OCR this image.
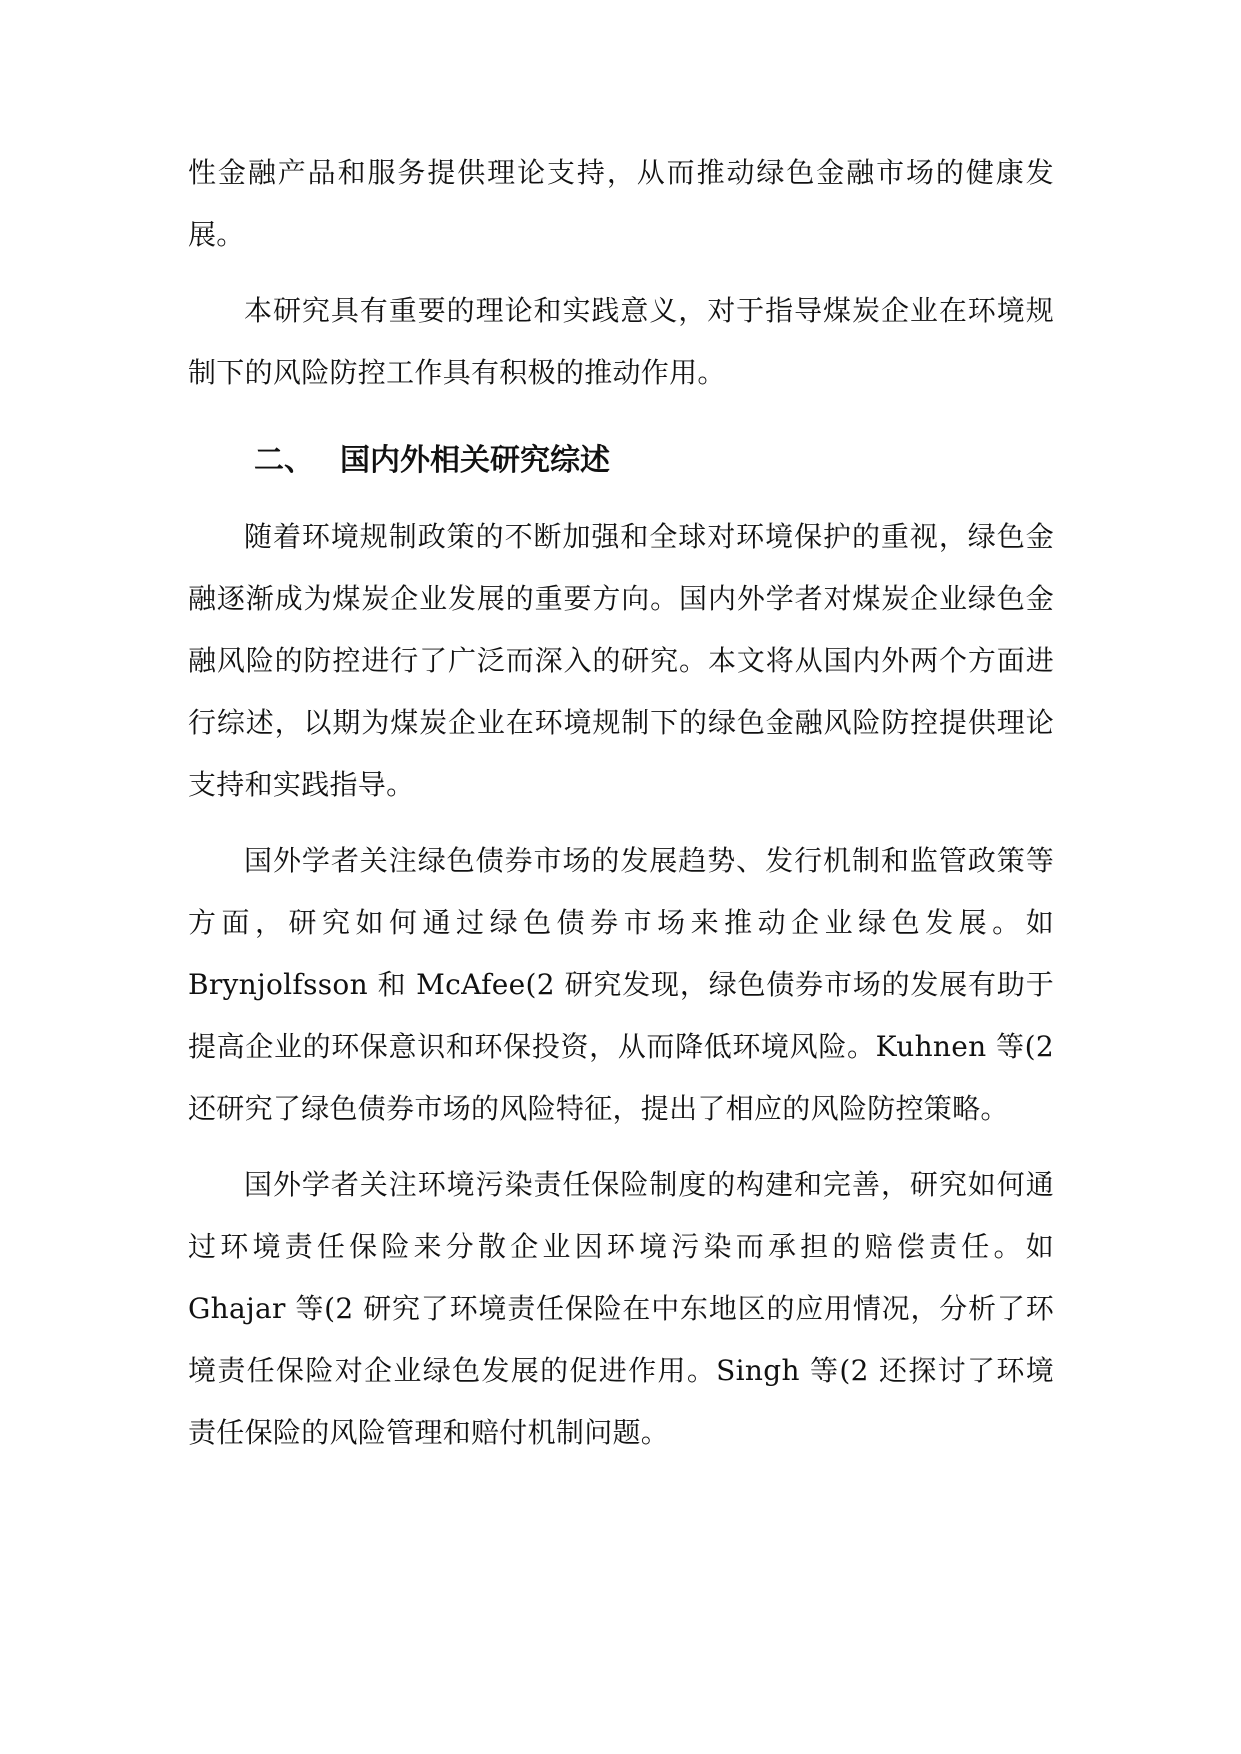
性金融产品和服务提供理论支持，从而推动绿色金融市场的健康发展。

本研究具有重要的理论和实践意义，对于指导煤炭企业在环境规制下的风险防控工作具有积极的推动作用。

二、 国内外相关研究综述

随着环境规制政策的不断加强和全球对环境保护的重视，绿色金融逐渐成为煤炭企业发展的重要方向。国内外学者对煤炭企业绿色金融风险的防控进行了广泛而深入的研究。本文将从国内外两个方面进行综述，以期为煤炭企业在环境规制下的绿色金融风险防控提供理论支持和实践指导。

国外学者关注绿色债券市场的发展趋势、发行机制和监管政策等方面，研究如何通过绿色债券市场来推动企业绿色发展。如 Brynjolfsson 和 McAfee(2 研究发现，绿色债券市场的发展有助于提高企业的环保意识和环保投资，从而降低环境风险。Kuhnen 等(2 还研究了绿色债券市场的风险特征，提出了相应的风险防控策略。

国外学者关注环境污染责任保险制度的构建和完善，研究如何通过环境责任保险来分散企业因环境污染而承担的赔偿责任。如 Ghajar 等(2 研究了环境责任保险在中东地区的应用情况，分析了环境责任保险对企业绿色发展的促进作用。Singh 等(2 还探讨了环境责任保险的风险管理和赔付机制问题。
